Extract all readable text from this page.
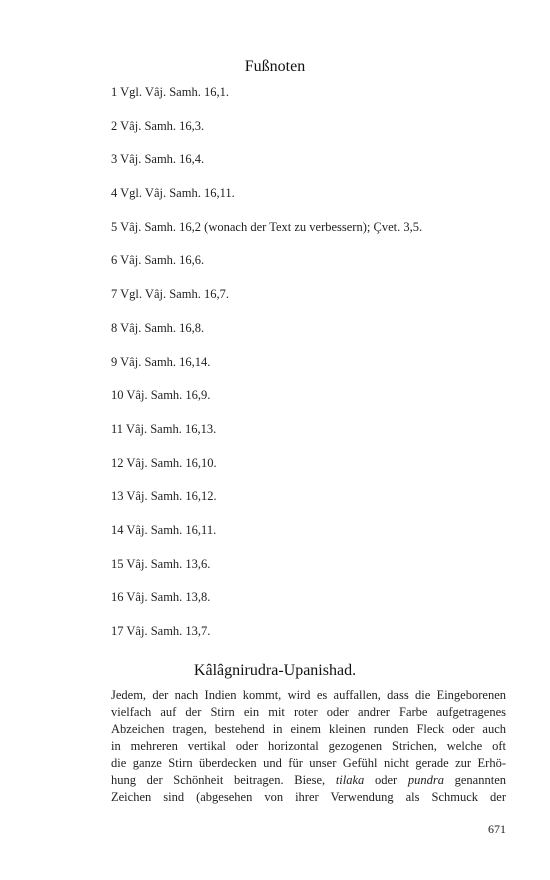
Fußnoten
1 Vgl. Vâj. Samh. 16,1.
2 Vâj. Samh. 16,3.
3 Vâj. Samh. 16,4.
4 Vgl. Vâj. Samh. 16,11.
5 Vâj. Samh. 16,2 (wonach der Text zu verbessern); Çvet. 3,5.
6 Vâj. Samh. 16,6.
7 Vgl. Vâj. Samh. 16,7.
8 Vâj. Samh. 16,8.
9 Vâj. Samh. 16,14.
10 Vâj. Samh. 16,9.
11 Vâj. Samh. 16,13.
12 Vâj. Samh. 16,10.
13 Vâj. Samh. 16,12.
14 Vâj. Samh. 16,11.
15 Vâj. Samh. 13,6.
16 Vâj. Samh. 13,8.
17 Vâj. Samh. 13,7.
Kâlâgnirudra-Upanishad.
Jedem, der nach Indien kommt, wird es auffallen, dass die Eingeborenen
vielfach auf der Stirn ein mit roter oder andrer Farbe aufgetragenes
Abzeichen tragen, bestehend in einem kleinen runden Fleck oder auch
in mehreren vertikal oder horizontal gezogenen Strichen, welche oft
die ganze Stirn überdecken und für unser Gefühl nicht gerade zur Erhö-
hung der Schönheit beitragen. Biese, tilaka oder pundra genannten
Zeichen sind (abgesehen von ihrer Verwendung als Schmuck der
671
